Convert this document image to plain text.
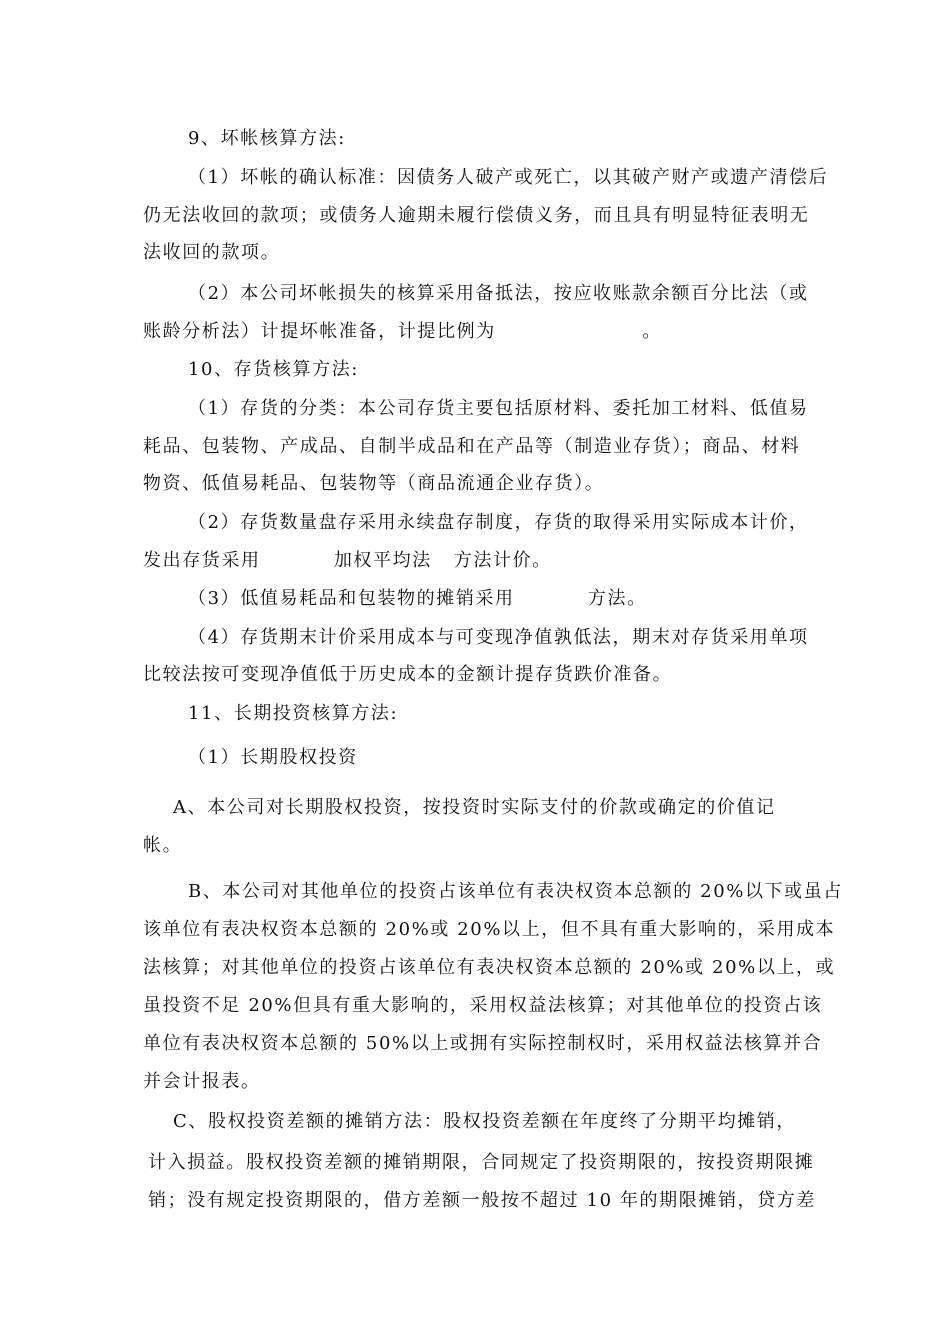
9、坏帐核算方法:
（1）坏帐的确认标准：因债务人破产或死亡，以其破产财产或遗产清偿后
仍无法收回的款项；或债务人逾期未履行偿债义务，而且具有明显特征表明无
法收回的款项。
（2）本公司坏帐损失的核算采用备抵法，按应收账款余额百分比法（或
账龄分析法）计提坏帐准备，计提比例为                    。
10、存货核算方法:
（1）存货的分类：本公司存货主要包括原材料、委托加工材料、低值易
耗品、包装物、产成品、自制半成品和在产品等（制造业存货）；商品、材料
物资、低值易耗品、包装物等（商品流通企业存货）。
（2）存货数量盘存采用永续盘存制度，存货的取得采用实际成本计价，
发出存货采用          加权平均法   方法计价。
（3）低值易耗品和包装物的摊销采用          方法。
（4）存货期末计价采用成本与可变现净值孰低法，期末对存货采用单项
比较法按可变现净值低于历史成本的金额计提存货跌价准备。
11、长期投资核算方法:
（1）长期股权投资
A、本公司对长期股权投资，按投资时实际支付的价款或确定的价值记
帐。
B、本公司对其他单位的投资占该单位有表决权资本总额的 20%以下或虽占
该单位有表决权资本总额的 20%或 20%以上，但不具有重大影响的，采用成本
法核算；对其他单位的投资占该单位有表决权资本总额的 20%或 20%以上，或
虽投资不足 20%但具有重大影响的，采用权益法核算；对其他单位的投资占该
单位有表决权资本总额的 50%以上或拥有实际控制权时，采用权益法核算并合
并会计报表。
C、股权投资差额的摊销方法：股权投资差额在年度终了分期平均摊销，
计入损益。股权投资差额的摊销期限，合同规定了投资期限的，按投资期限摊
销；没有规定投资期限的，借方差额一般按不超过 10 年的期限摊销，贷方差
